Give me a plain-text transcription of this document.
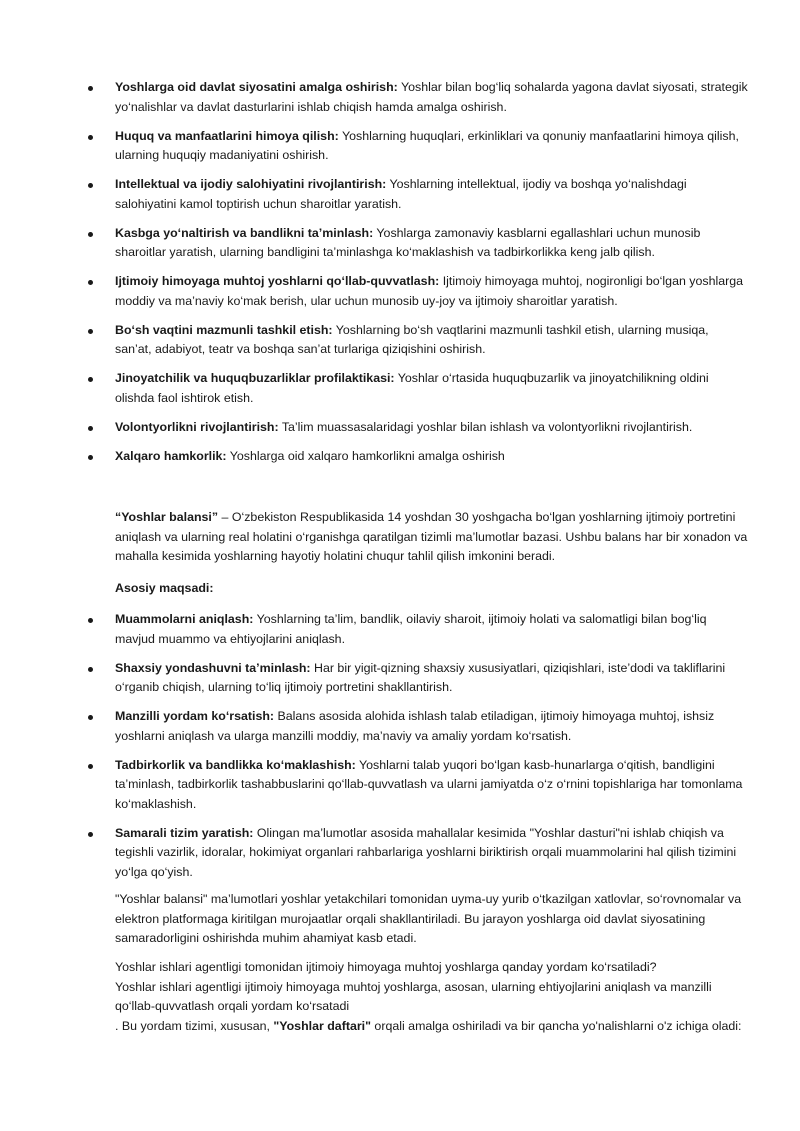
Yoshlarga oid davlat siyosatini amalga oshirish: Yoshlar bilan bog‘liq sohalarda yagona davlat siyosati, strategik yo‘nalishlar va davlat dasturlarini ishlab chiqish hamda amalga oshirish.
Huquq va manfaatlarini himoya qilish: Yoshlarning huquqlari, erkinliklari va qonuniy manfaatlarini himoya qilish, ularning huquqiy madaniyatini oshirish.
Intellektual va ijodiy salohiyatini rivojlantirish: Yoshlarning intellektual, ijodiy va boshqa yo‘nalishdagi salohiyatini kamol toptirish uchun sharoitlar yaratish.
Kasbga yo‘naltirish va bandlikni ta’minlash: Yoshlarga zamonaviy kasblarni egallashlari uchun munosib sharoitlar yaratish, ularning bandligini ta’minlashga ko‘maklashish va tadbirkorlikka keng jalb qilish.
Ijtimoiy himoyaga muhtoj yoshlarni qo‘llab-quvvatlash: Ijtimoiy himoyaga muhtoj, nogironligi bo‘lgan yoshlarga moddiy va ma’naviy ko‘mak berish, ular uchun munosib uy-joy va ijtimoiy sharoitlar yaratish.
Bo‘sh vaqtini mazmunli tashkil etish: Yoshlarning bo‘sh vaqtlarini mazmunli tashkil etish, ularning musiqa, san’at, adabiyot, teatr va boshqa san’at turlariga qiziqishini oshirish.
Jinoyatchilik va huquqbuzarliklar profilaktikasi: Yoshlar o‘rtasida huquqbuzarlik va jinoyatchilikning oldini olishda faol ishtirok etish.
Volontyorlikni rivojlantirish: Ta’lim muassasalaridagi yoshlar bilan ishlash va volontyorlikni rivojlantirish.
Xalqaro hamkorlik: Yoshlarga oid xalqaro hamkorlikni amalga oshirish

“Yoshlar balansi” – O‘zbekiston Respublikasida 14 yoshdan 30 yoshgacha bo‘lgan yoshlarning ijtimoiy portretini aniqlash va ularning real holatini o‘rganishga qaratilgan tizimli ma’lumotlar bazasi. Ushbu balans har bir xonadon va mahalla kesimida yoshlarning hayotiy holatini chuqur tahlil qilish imkonini beradi.

Asosiy maqsadi:

Muammolarni aniqlash: Yoshlarning ta’lim, bandlik, oilaviy sharoit, ijtimoiy holati va salomatligi bilan bog‘liq mavjud muammo va ehtiyojlarini aniqlash.
Shaxsiy yondashuvni ta’minlash: Har bir yigit-qizning shaxsiy xususiyatlari, qiziqishlari, iste’dodi va takliflarini o‘rganib chiqish, ularning to‘liq ijtimoiy portretini shakllantirish.
Manzilli yordam ko‘rsatish: Balans asosida alohida ishlash talab etiladigan, ijtimoiy himoyaga muhtoj, ishsiz yoshlarni aniqlash va ularga manzilli moddiy, ma’naviy va amaliy yordam ko‘rsatish.
Tadbirkorlik va bandlikka ko‘maklashish: Yoshlarni talab yuqori bo‘lgan kasb-hunarlarga o‘qitish, bandligini ta’minlash, tadbirkorlik tashabbuslarini qo‘llab-quvvatlash va ularni jamiyatda o‘z o‘rnini topishlariga har tomonlama ko‘maklashish.
Samarali tizim yaratish: Olingan ma’lumotlar asosida mahallalar kesimida "Yoshlar dasturi"ni ishlab chiqish va tegishli vazirlik, idoralar, hokimiyat organlari rahbarlariga yoshlarni biriktirish orqali muammolarini hal qilish tizimini yo‘lga qo‘yish.

"Yoshlar balansi" ma’lumotlari yoshlar yetakchilari tomonidan uyma-uy yurib o‘tkazilgan xatlovlar, so‘rovnomalar va elektron platformaga kiritilgan murojaatlar orqali shakllantiriladi. Bu jarayon yoshlarga oid davlat siyosatining samaradorligini oshirishda muhim ahamiyat kasb etadi.

Yoshlar ishlari agentligi tomonidan ijtimoiy himoyaga muhtoj yoshlarga qanday yordam ko‘rsatiladi?
Yoshlar ishlari agentligi ijtimoiy himoyaga muhtoj yoshlarga, asosan, ularning ehtiyojlarini aniqlash va manzilli qo‘llab-quvvatlash orqali yordam ko‘rsatadi
. Bu yordam tizimi, xususan, "Yoshlar daftari" orqali amalga oshiriladi va bir qancha yo'nalishlarni o'z ichiga oladi:
